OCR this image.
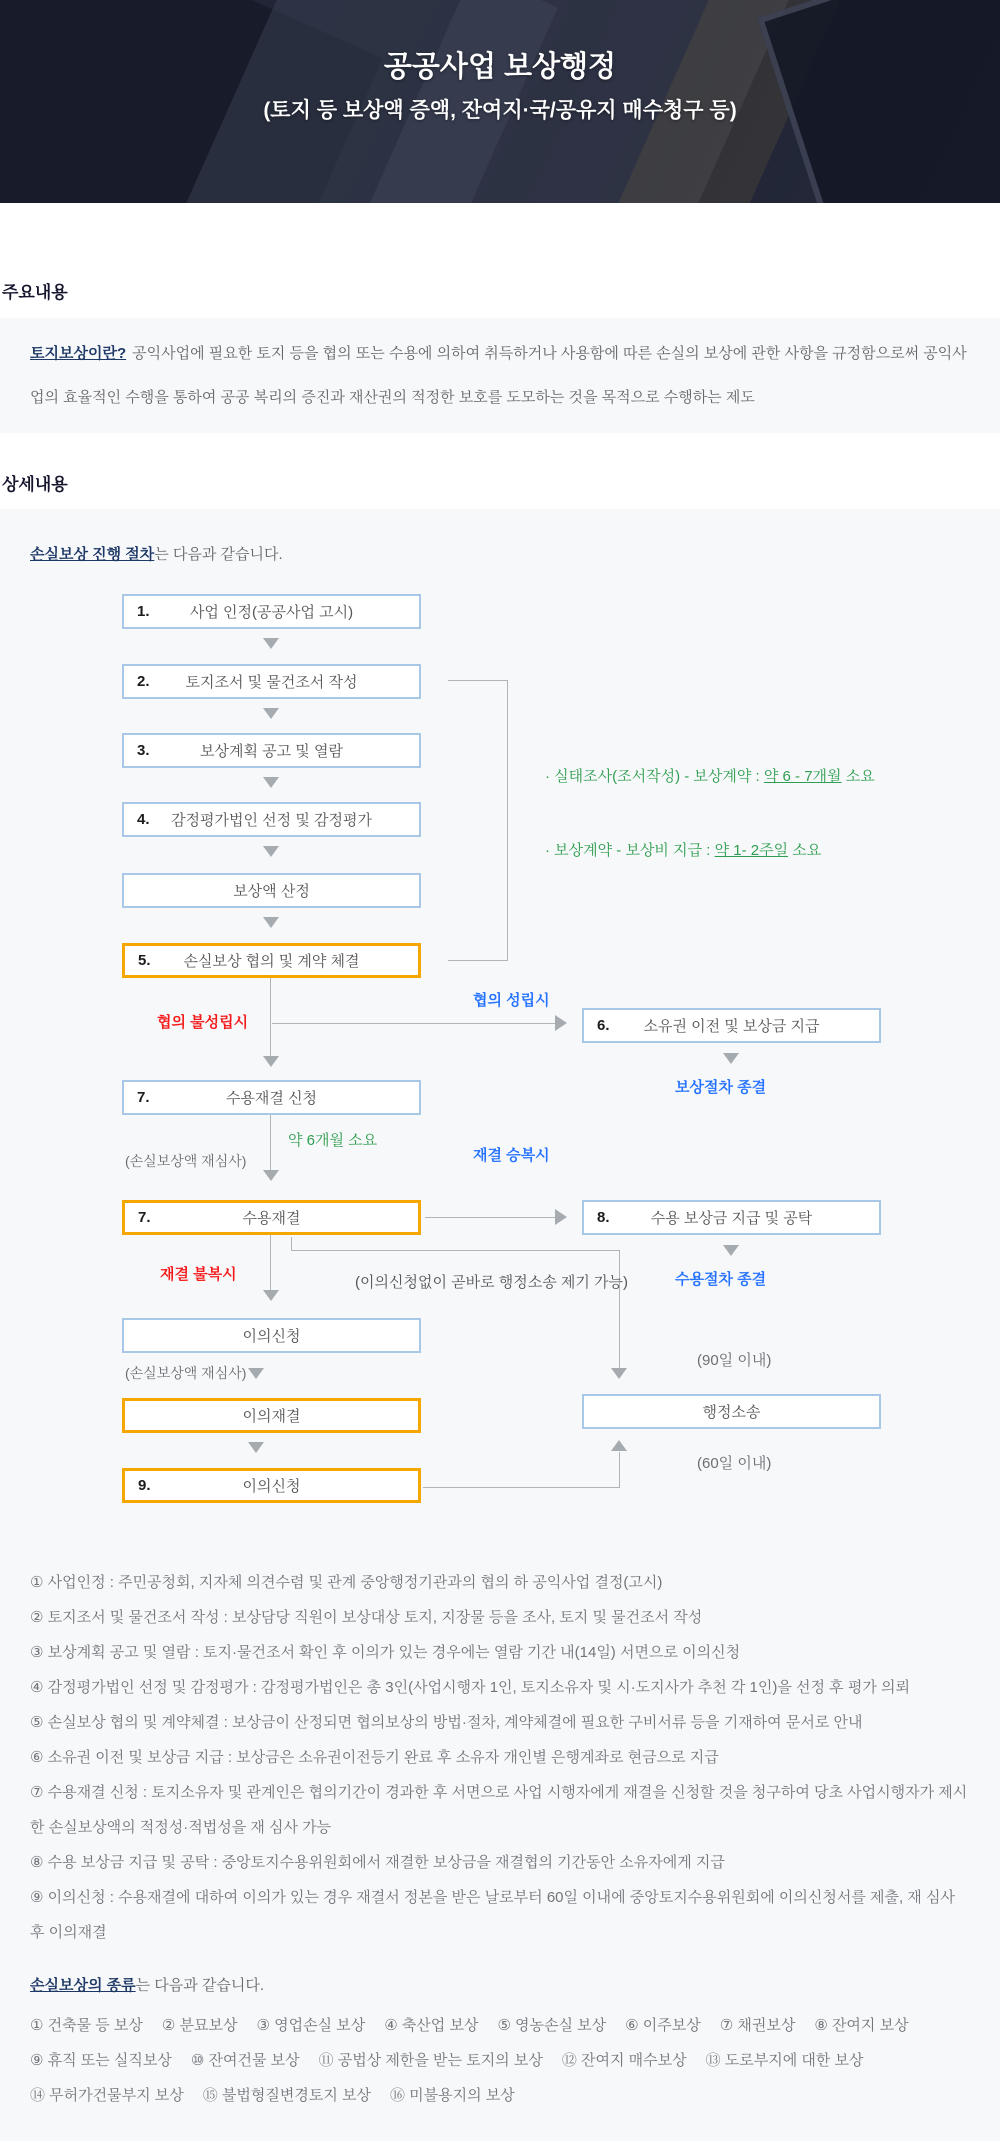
공공사업 보상행정
(토지 등 보상액 증액, 잔여지·국/공유지 매수청구 등)
주요내용
토지보상이란? 공익사업에 필요한 토지 등을 협의 또는 수용에 의하여 취득하거나 사용함에 따른 손실의 보상에 관한 사항을 규정함으로써 공익사업의 효율적인 수행을 통하여 공공 복리의 증진과 재산권의 적정한 보호를 도모하는 것을 목적으로 수행하는 제도
상세내용

손실보상 진행 절차는 다음과 같습니다.

1.	사업 인정(공공사업 고시)
2. 토지조서 및 물건조서 작성
3.	보상계획 공고 및 열람
4. 감정평가법인 선정 및 감정평가
보상액 산정
5. 손실보상 협의 및 계약 체결
· 실태조사(조서작성) - 보상계약 : 약 6 - 7개월 소요
· 보상계약 - 보상비 지급 : 약 1- 2주일 소요
협의 불성립시
협의 성립시
6. 소유권 이전 및 보상금 지급
보상절차 종결
7.	수용재결 신청
약 6개월 소요
(손실보상액 재심사)	재결 승복시
7.	수용재결	8.	수용 보상금 지급 및 공탁
수용절차 종결
재결 불복시	(이의신청없이 곧바로 행정소송 제기 가능)
(90일 이내)
이의신청
(손실보상액 재심사)
이의재결
9.	이의신청
행정소송
(60일 이내)

① 사업인정 : 주민공청회, 지자체 의견수렴 및 관계 중앙행정기관과의 협의 하 공익사업 결정(고시)

② 토지조서 및 물건조서 작성 : 보상담당 직원이 보상대상 토지, 지장물 등을 조사, 토지 및 물건조서 작성

③ 보상계획 공고 및 열람 : 토지·물건조서 확인 후 이의가 있는 경우에는 열람 기간 내(14일) 서면으로 이의신청

④ 감정평가법인 선정 및 감정평가 : 감정평가법인은 총 3인(사업시행자 1인, 토지소유자 및 시·도지사가 추천 각 1인)을 선정 후 평가 의뢰

⑤ 손실보상 협의 및 계약체결 : 보상금이 산정되면 협의보상의 방법·절차, 계약체결에 필요한 구비서류 등을 기재하여 문서로 안내

⑥ 소유권 이전 및 보상금 지급 : 보상금은 소유권이전등기 완료 후 소유자 개인별 은행계좌로 현금으로 지급

⑦ 수용재결 신청 : 토지소유자 및 관계인은 협의기간이 경과한 후 서면으로 사업 시행자에게 재결을 신청할 것을 청구하여 당초 사업시행자가 제시한 손실보상액의 적정성·적법성을 재 심사 가능

⑧ 수용 보상금 지급 및 공탁 : 중앙토지수용위원회에서 재결한 보상금을 재결협의 기간동안 소유자에게 지급

⑨ 이의신청 : 수용재결에 대하여 이의가 있는 경우 재결서 정본을 받은 날로부터 60일 이내에 중앙토지수용위원회에 이의신청서를 제출, 재 심사 후 이의재결

손실보상의 종류는 다음과 같습니다.

① 건축물 등 보상 ② 분묘보상 ③ 영업손실 보상 ④ 축산업 보상 ⑤ 영농손실 보상 ⑥ 이주보상 ⑦ 채권보상 ⑧ 잔여지 보상
⑨ 휴직 또는 실직보상 ⑩ 잔여건물 보상 ⑪ 공법상 제한을 받는 토지의 보상 ⑫ 잔여지 매수보상 ⑬ 도로부지에 대한 보상
⑭ 무허가건물부지 보상 ⑮ 불법형질변경토지 보상 ⑯ 미불용지의 보상
